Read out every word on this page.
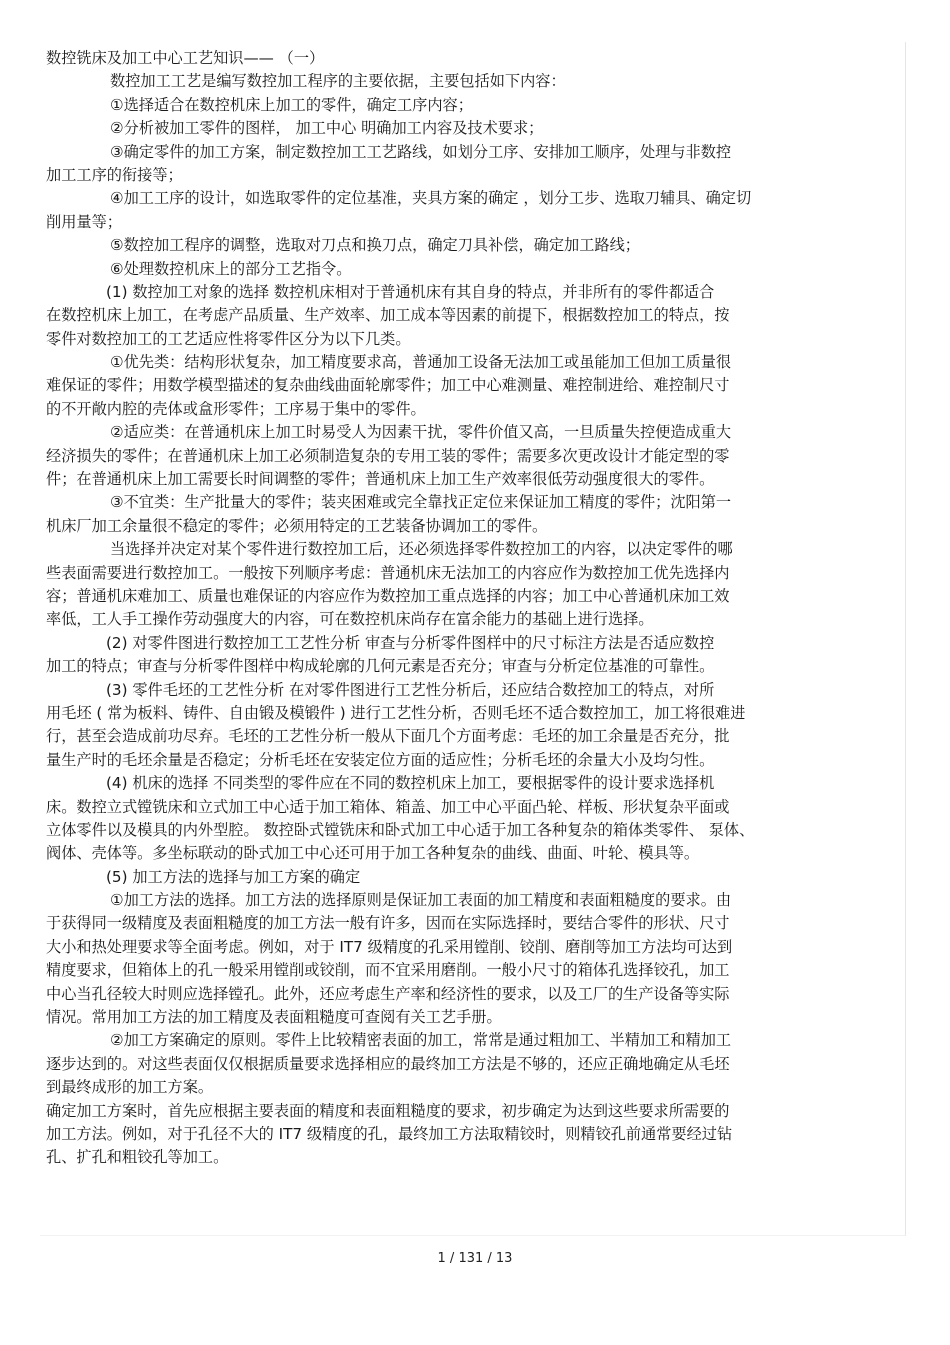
数控铣床及加工中心工艺知识—— （一）
数控加工工艺是编写数控加工程序的主要依据，主要包括如下内容：
①选择适合在数控机床上加工的零件，确定工序内容；
②分析被加工零件的图样， 加工中心 明确加工内容及技术要求；
③确定零件的加工方案，制定数控加工工艺路线，如划分工序、安排加工顺序，处理与非数控
加工工序的衔接等；
④加工工序的设计，如选取零件的定位基准，夹具方案的确定 ，划分工步、选取刀辅具、确定切
削用量等；
⑤数控加工程序的调整，选取对刀点和换刀点，确定刀具补偿，确定加工路线；
⑥处理数控机床上的部分工艺指令。
(1) 数控加工对象的选择 数控机床相对于普通机床有其自身的特点，并非所有的零件都适合
在数控机床上加工，在考虑产品质量、生产效率、加工成本等因素的前提下，根据数控加工的特点，按
零件对数控加工的工艺适应性将零件区分为以下几类。
①优先类：结构形状复杂，加工精度要求高，普通加工设备无法加工或虽能加工但加工质量很
难保证的零件；用数学模型描述的复杂曲线曲面轮廓零件；加工中心难测量、难控制进给、难控制尺寸
的不开敞内腔的壳体或盒形零件；工序易于集中的零件。
②适应类：在普通机床上加工时易受人为因素干扰，零件价值又高，一旦质量失控便造成重大
经济损失的零件；在普通机床上加工必须制造复杂的专用工装的零件；需要多次更改设计才能定型的零
件；在普通机床上加工需要长时间调整的零件；普通机床上加工生产效率很低劳动强度很大的零件。
③不宜类：生产批量大的零件；装夹困难或完全靠找正定位来保证加工精度的零件；沈阳第一
机床厂加工余量很不稳定的零件；必须用特定的工艺装备协调加工的零件。
当选择并决定对某个零件进行数控加工后，还必须选择零件数控加工的内容，以决定零件的哪
些表面需要进行数控加工。一般按下列顺序考虑：普通机床无法加工的内容应作为数控加工优先选择内
容；普通机床难加工、质量也难保证的内容应作为数控加工重点选择的内容；加工中心普通机床加工效
率低，工人手工操作劳动强度大的内容，可在数控机床尚存在富余能力的基础上进行选择。
(2) 对零件图进行数控加工工艺性分析 审查与分析零件图样中的尺寸标注方法是否适应数控
加工的特点；审查与分析零件图样中构成轮廓的几何元素是否充分；审查与分析定位基准的可靠性。
(3) 零件毛坯的工艺性分析 在对零件图进行工艺性分析后，还应结合数控加工的特点，对所
用毛坯 ( 常为板料、铸件、自由锻及模锻件 ) 进行工艺性分析，否则毛坯不适合数控加工，加工将很难进
行，甚至会造成前功尽弃。毛坯的工艺性分析一般从下面几个方面考虑：毛坯的加工余量是否充分，批
量生产时的毛坯余量是否稳定；分析毛坯在安装定位方面的适应性；分析毛坯的余量大小及均匀性。
(4) 机床的选择 不同类型的零件应在不同的数控机床上加工，要根据零件的设计要求选择机
床。数控立式镗铣床和立式加工中心适于加工箱体、箱盖、加工中心平面凸轮、样板、形状复杂平面或
立体零件以及模具的内外型腔。 数控卧式镗铣床和卧式加工中心适于加工各种复杂的箱体类零件、 泵体、
阀体、壳体等。多坐标联动的卧式加工中心还可用于加工各种复杂的曲线、曲面、叶轮、模具等。
(5) 加工方法的选择与加工方案的确定
①加工方法的选择。加工方法的选择原则是保证加工表面的加工精度和表面粗糙度的要求。由
于获得同一级精度及表面粗糙度的加工方法一般有许多，因而在实际选择时，要结合零件的形状、尺寸
大小和热处理要求等全面考虑。例如，对于 IT7 级精度的孔采用镗削、铰削、磨削等加工方法均可达到
精度要求，但箱体上的孔一般采用镗削或铰削，而不宜采用磨削。一般小尺寸的箱体孔选择铰孔，加工
中心当孔径较大时则应选择镗孔。此外，还应考虑生产率和经济性的要求，以及工厂的生产设备等实际
情况。常用加工方法的加工精度及表面粗糙度可查阅有关工艺手册。
②加工方案确定的原则。零件上比较精密表面的加工，常常是通过粗加工、半精加工和精加工
逐步达到的。对这些表面仅仅根据质量要求选择相应的最终加工方法是不够的，还应正确地确定从毛坯
到最终成形的加工方案。
确定加工方案时，首先应根据主要表面的精度和表面粗糙度的要求，初步确定为达到这些要求所需要的
加工方法。例如，对于孔径不大的 IT7 级精度的孔，最终加工方法取精铰时，则精铰孔前通常要经过钻
孔、扩孔和粗铰孔等加工。
1 / 131 / 13
